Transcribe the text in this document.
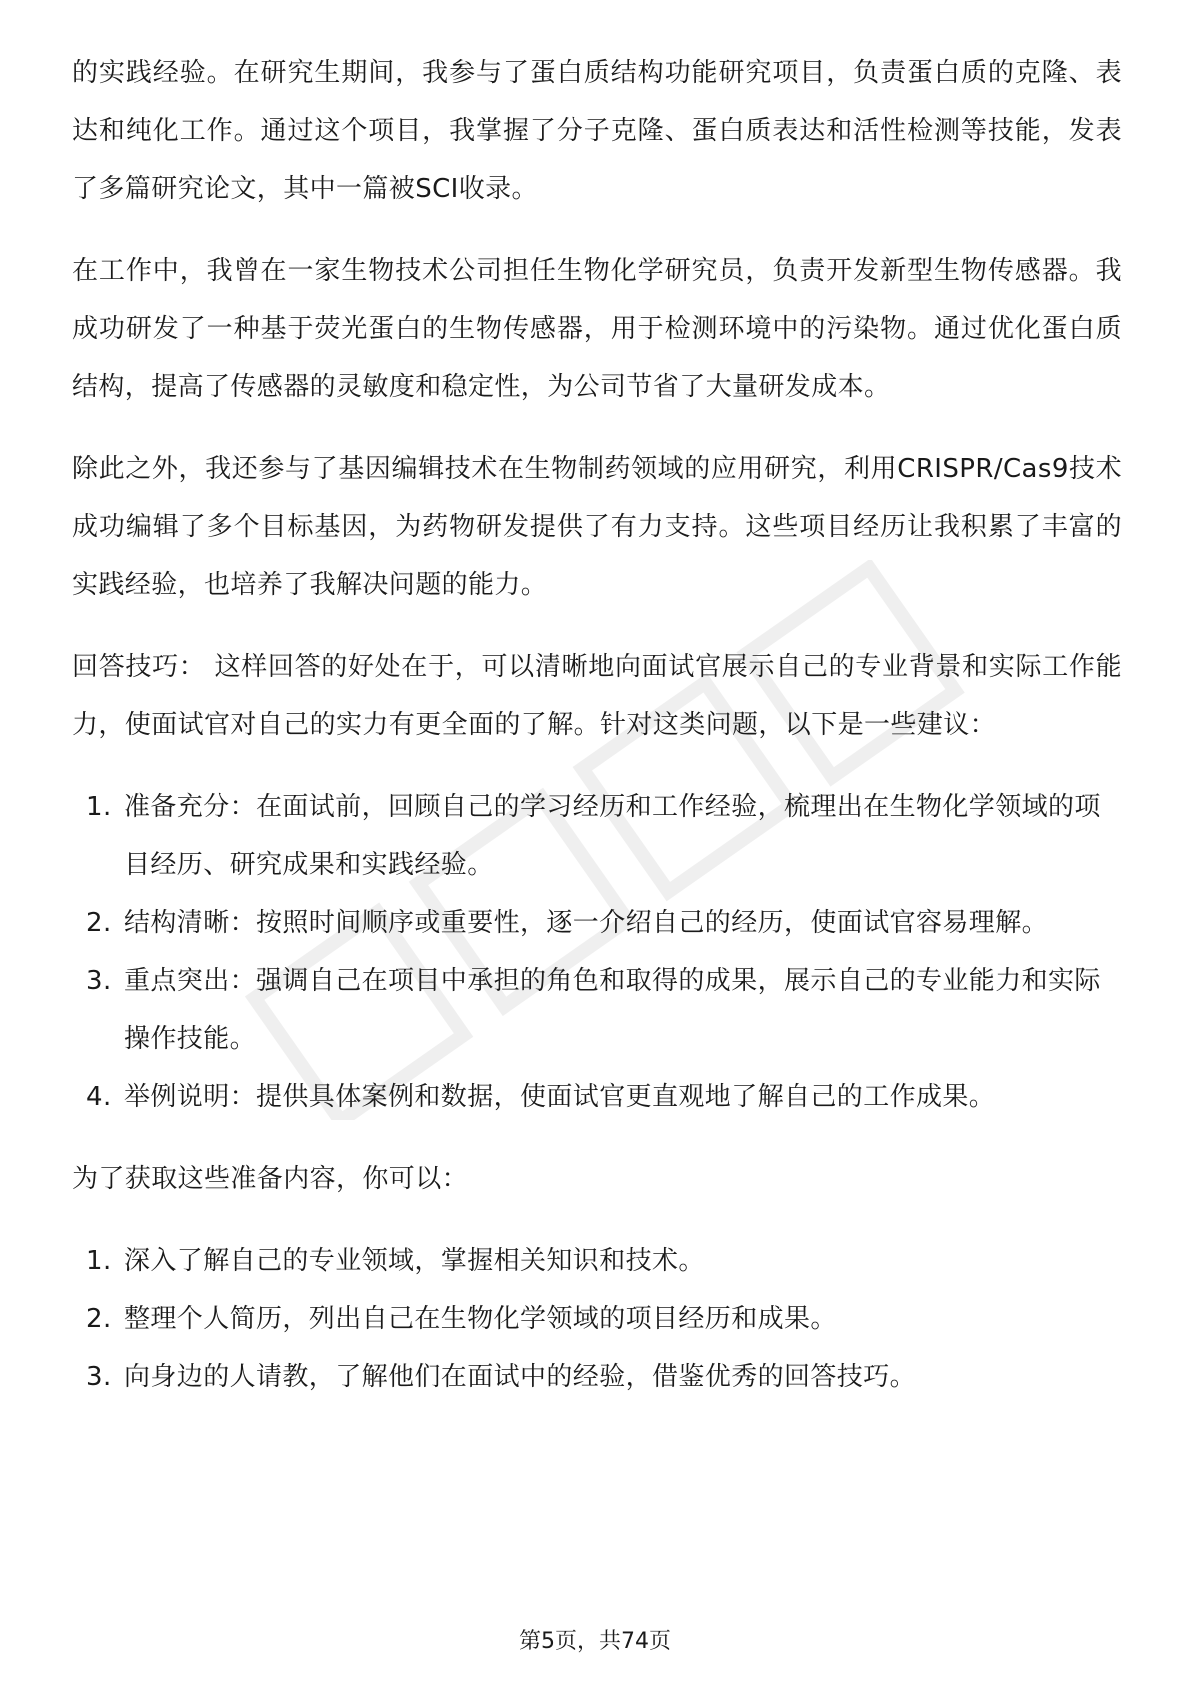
的实践经验。在研究生期间，我参与了蛋白质结构功能研究项目，负责蛋白质的克隆、表达和纯化工作。通过这个项目，我掌握了分子克隆、蛋白质表达和活性检测等技能，发表了多篇研究论文，其中一篇被SCI收录。

在工作中，我曾在一家生物技术公司担任生物化学研究员，负责开发新型生物传感器。我成功研发了一种基于荧光蛋白的生物传感器，用于检测环境中的污染物。通过优化蛋白质结构，提高了传感器的灵敏度和稳定性，为公司节省了大量研发成本。

除此之外，我还参与了基因编辑技术在生物制药领域的应用研究，利用CRISPR/Cas9技术成功编辑了多个目标基因，为药物研发提供了有力支持。这些项目经历让我积累了丰富的实践经验，也培养了我解决问题的能力。

回答技巧： 这样回答的好处在于，可以清晰地向面试官展示自己的专业背景和实际工作能力，使面试官对自己的实力有更全面的了解。针对这类问题，以下是一些建议：

1. 准备充分：在面试前，回顾自己的学习经历和工作经验，梳理出在生物化学领域的项目经历、研究成果和实践经验。
2. 结构清晰：按照时间顺序或重要性，逐一介绍自己的经历，使面试官容易理解。
3. 重点突出：强调自己在项目中承担的角色和取得的成果，展示自己的专业能力和实际操作技能。
4. 举例说明：提供具体案例和数据，使面试官更直观地了解自己的工作成果。

为了获取这些准备内容，你可以：

1. 深入了解自己的专业领域，掌握相关知识和技术。
2. 整理个人简历，列出自己在生物化学领域的项目经历和成果。
3. 向身边的人请教，了解他们在面试中的经验，借鉴优秀的回答技巧。
第5页，共74页
